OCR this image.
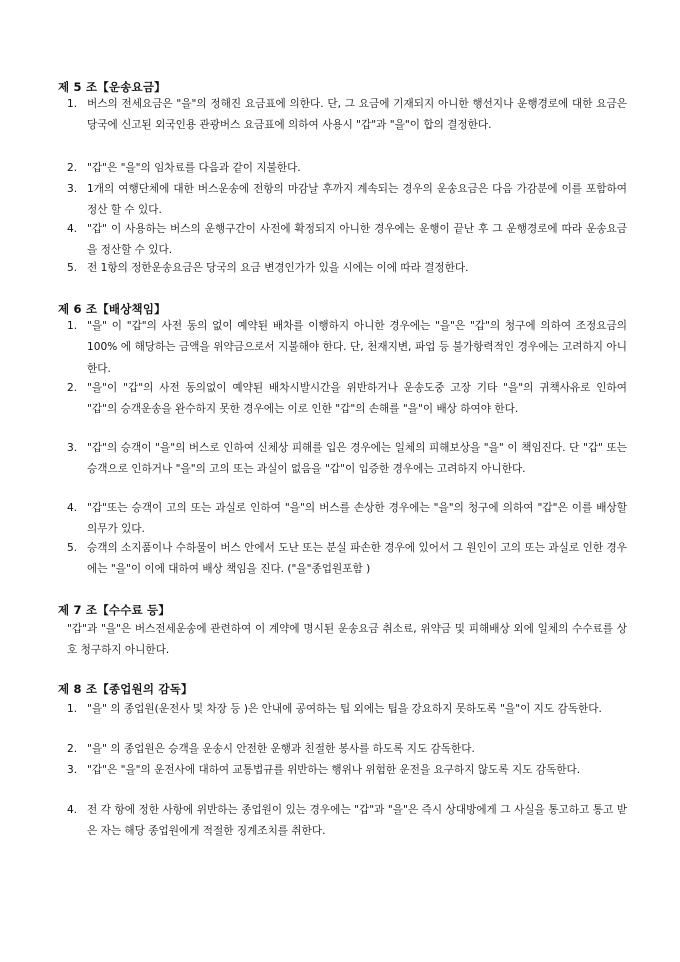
제 5 조【운송요금】
1. 버스의 전세요금은 "을"의 정해진 요금표에 의한다. 단, 그 요금에 기재되지 아니한 행선지나 운행경로에 대한 요금은 당국에 신고된 외국인용 관광버스 요금표에 의하여 사용시 "갑"과 "을"이 합의 결정한다.
2. "갑"은 "을"의 임차료를 다음과 같이 지불한다.
3. 1개의 여행단체에 대한 버스운송에 전항의 마감날 후까지 계속되는 경우의 운송요금은 다음 가감분에 이를 포함하여 정산 할 수 있다.
4. "갑" 이 사용하는 버스의 운행구간이 사전에 확정되지 아니한 경우에는 운행이 끝난 후 그 운행경로에 따라 운송요금을 정산할 수 있다.
5. 전 1항의 정한운송요금은 당국의 요금 변경인가가 있을 시에는 이에 따라 결정한다.
제 6 조【배상책임】
1. "을" 이 "갑"의 사전 동의 없이 예약된 배차를 이행하지 아니한 경우에는 "을"은 "갑"의 청구에 의하여 조정요금의 100% 에 해당하는 금액을 위약금으로서 지불해야 한다. 단, 천재지변, 파업 등 불가항력적인 경우에는 고려하지 아니한다.
2. "을"이 "갑"의 사전 동의없이 예약된 배차시발시간을 위반하거나 운송도중 고장 기타 "을"의 귀책사유로 인하여 "갑"의 승객운송을 완수하지 못한 경우에는 이로 인한 "갑"의 손해를 "을"이 배상 하여야 한다.
3. "갑"의 승객이 "을"의 버스로 인하여 신체상 피해를 입은 경우에는 일체의 피해보상을 "을" 이 책임진다. 단 "갑" 또는 승객으로 인하거나 "을"의 고의 또는 과실이 없음을 "갑"이 입증한 경우에는 고려하지 아니한다.
4. "갑"또는 승객이 고의 또는 과실로 인하여 "을"의 버스를 손상한 경우에는 "을"의 청구에 의하여 "갑"은 이를 배상할 의무가 있다.
5. 승객의 소지품이나 수하물이 버스 안에서 도난 또는 분실 파손한 경우에 있어서 그 원인이 고의 또는 과실로 인한 경우에는 "을"이 이에 대하여 배상 책임을 진다. ("을"종업원포함 )
제 7 조【수수료 등】
"갑"과 "을"은 버스전세운송에 관련하여 이 계약에 명시된 운송요금 취소료, 위약금 및 피해배상 외에 일체의 수수료를 상호 청구하지 아니한다.
제 8 조【종업원의 감독】
1. "을" 의 종업원(운전사 및 차장 등 )은 안내에 공여하는 팁 외에는 팁을 강요하지 못하도록 "을"이 지도 감독한다.
2. "을" 의 종업원은 승객을 운송시 안전한 운행과 친절한 봉사를 하도록 지도 감독한다.
3. "갑"은 "을"의 운전사에 대하여 교통법규를 위반하는 행위나 위험한 운전을 요구하지 않도록 지도 감독한다.
4. 전 각 항에 정한 사항에 위반하는 종업원이 있는 경우에는 "갑"과 "을"은 즉시 상대방에게 그 사실을 통고하고 통고 받은 자는 해당 종업원에게 적절한 징계조치를 취한다.
